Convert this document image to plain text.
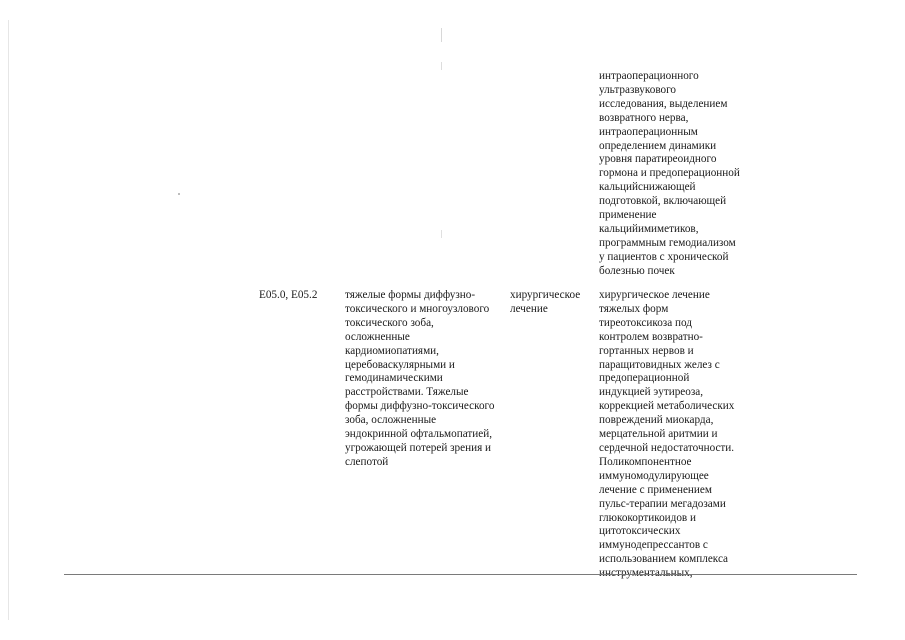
интраоперационного
ультразвукового
исследования, выделением
возвратного нерва,
интраоперационным
определением динамики
уровня паратиреоидного
гормона и предоперационной
кальцийснижающей
подготовкой, включающей
применение
кальцийимиметиков,
программным гемодиализом
у пациентов с хронической
болезнью почек
E05.0, E05.2	тяжелые формы диффузно-
токсического и многоузлового
токсического зоба,
осложненные
кардиомиопатиями,
церебоваскулярными и
гемодинамическими
расстройствами. Тяжелые
формы диффузно-токсического
зоба, осложненные
эндокринной офтальмопатией,
угрожающей потерей зрения и
слепотой
хирургическое
лечение
хирургическое лечение
тяжелых форм
тиреотоксикоза под
контролем возвратно-
гортанных нервов и
паращитовидных желез с
предоперационной
индукцией эутиреоза,
коррекцией метаболических
повреждений миокарда,
мерцательной аритмии и
сердечной недостаточности.
Поликомпонентное
иммуномодулирующее
лечение с применением
пульс-терапии мегадозами
глюкокортикоидов и
цитотоксических
иммунодепрессантов с
использованием комплекса
